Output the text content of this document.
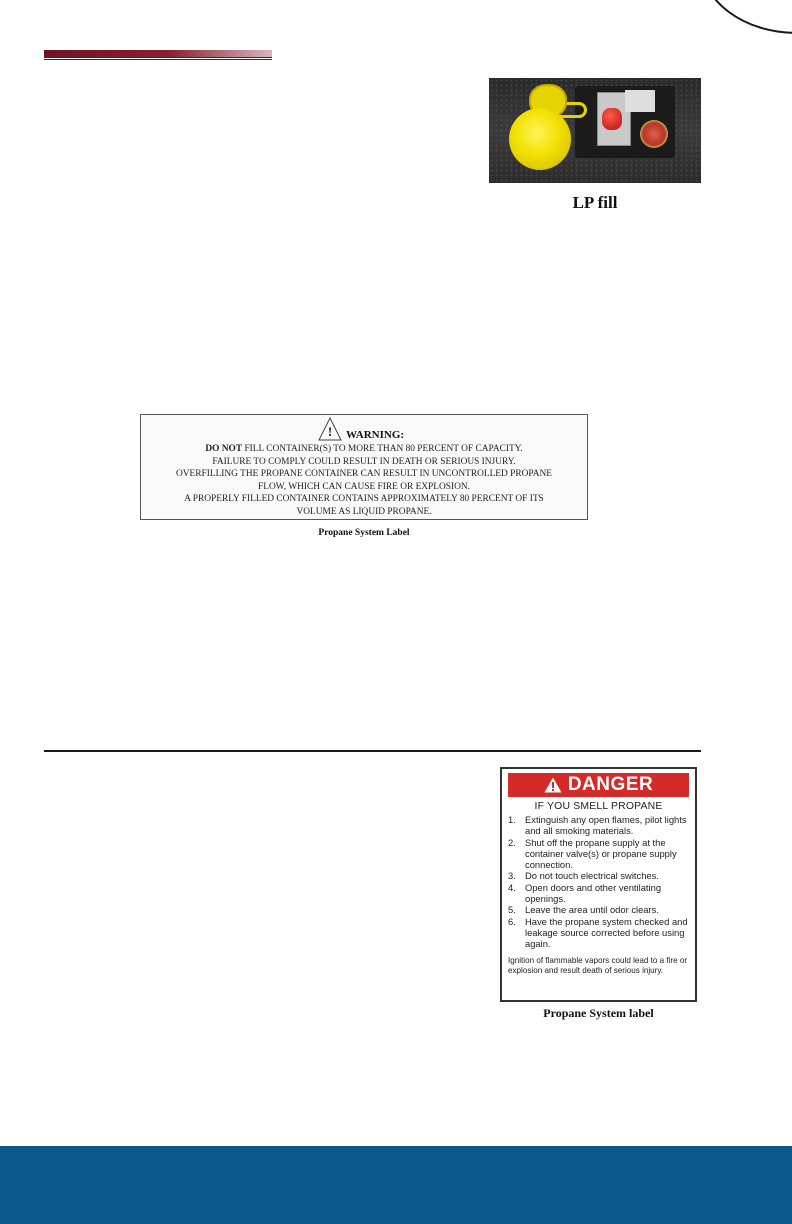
LP fill
! WARNING:
DO NOT FILL CONTAINER(S) TO MORE THAN 80 PERCENT OF CAPACITY.
FAILURE TO COMPLY COULD RESULT IN DEATH OR SERIOUS INJURY.
OVERFILLING THE PROPANE CONTAINER CAN RESULT IN UNCONTROLLED PROPANE
FLOW, WHICH CAN CAUSE FIRE OR EXPLOSION.
A PROPERLY FILLED CONTAINER CONTAINS APPROXIMATELY 80 PERCENT OF ITS
VOLUME AS LIQUID PROPANE.
Propane System Label
DANGER
IF YOU SMELL PROPANE
1. Extinguish any open flames, pilot lights and all smoking materials.
2. Shut off the propane supply at the container valve(s) or propane supply connection.
3. Do not touch electrical switches.
4. Open doors and other ventilating openings.
5. Leave the area until odor clears.
6. Have the propane system checked and leakage source corrected before using again.
Ignition of flammable vapors could lead to a fire or explosion and result death of serious injury.
Propane System label
